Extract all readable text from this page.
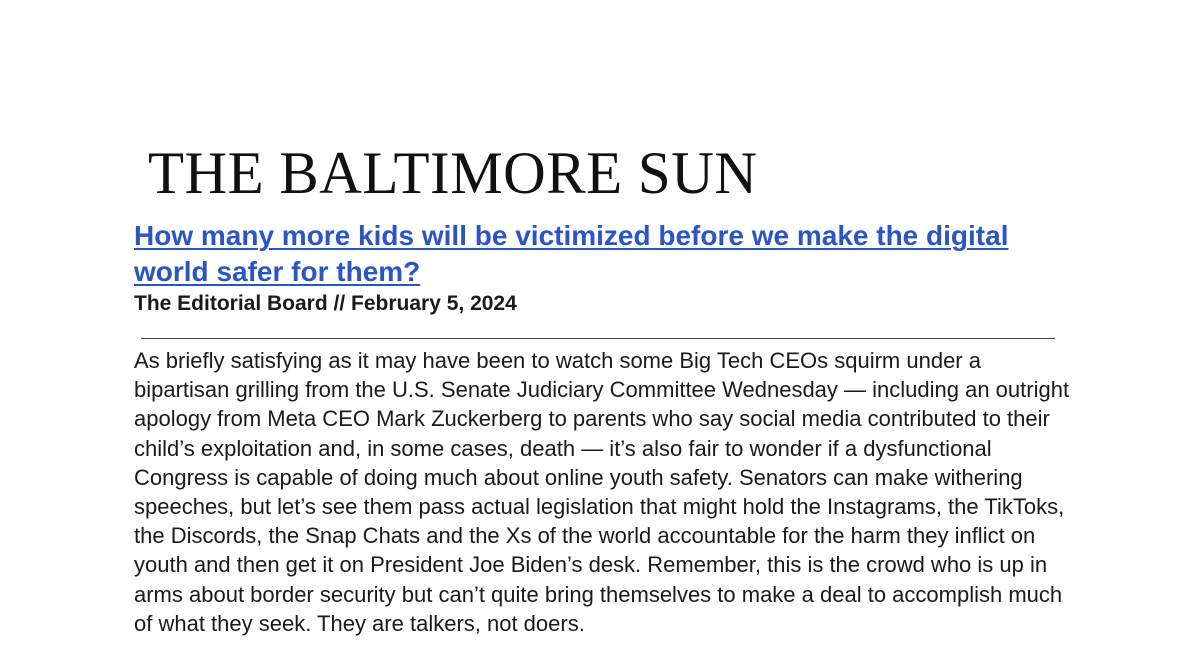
THE BALTIMORE SUN
How many more kids will be victimized before we make the digital world safer for them?

The Editorial Board // February 5, 2024

As briefly satisfying as it may have been to watch some Big Tech CEOs squirm under a bipartisan grilling from the U.S. Senate Judiciary Committee Wednesday — including an outright apology from Meta CEO Mark Zuckerberg to parents who say social media contributed to their child’s exploitation and, in some cases, death — it’s also fair to wonder if a dysfunctional Congress is capable of doing much about online youth safety. Senators can make withering speeches, but let’s see them pass actual legislation that might hold the Instagrams, the TikToks, the Discords, the Snap Chats and the Xs of the world accountable for the harm they inflict on youth and then get it on President Joe Biden’s desk. Remember, this is the crowd who is up in arms about border security but can’t quite bring themselves to make a deal to accomplish much of what they seek. They are talkers, not doers.
